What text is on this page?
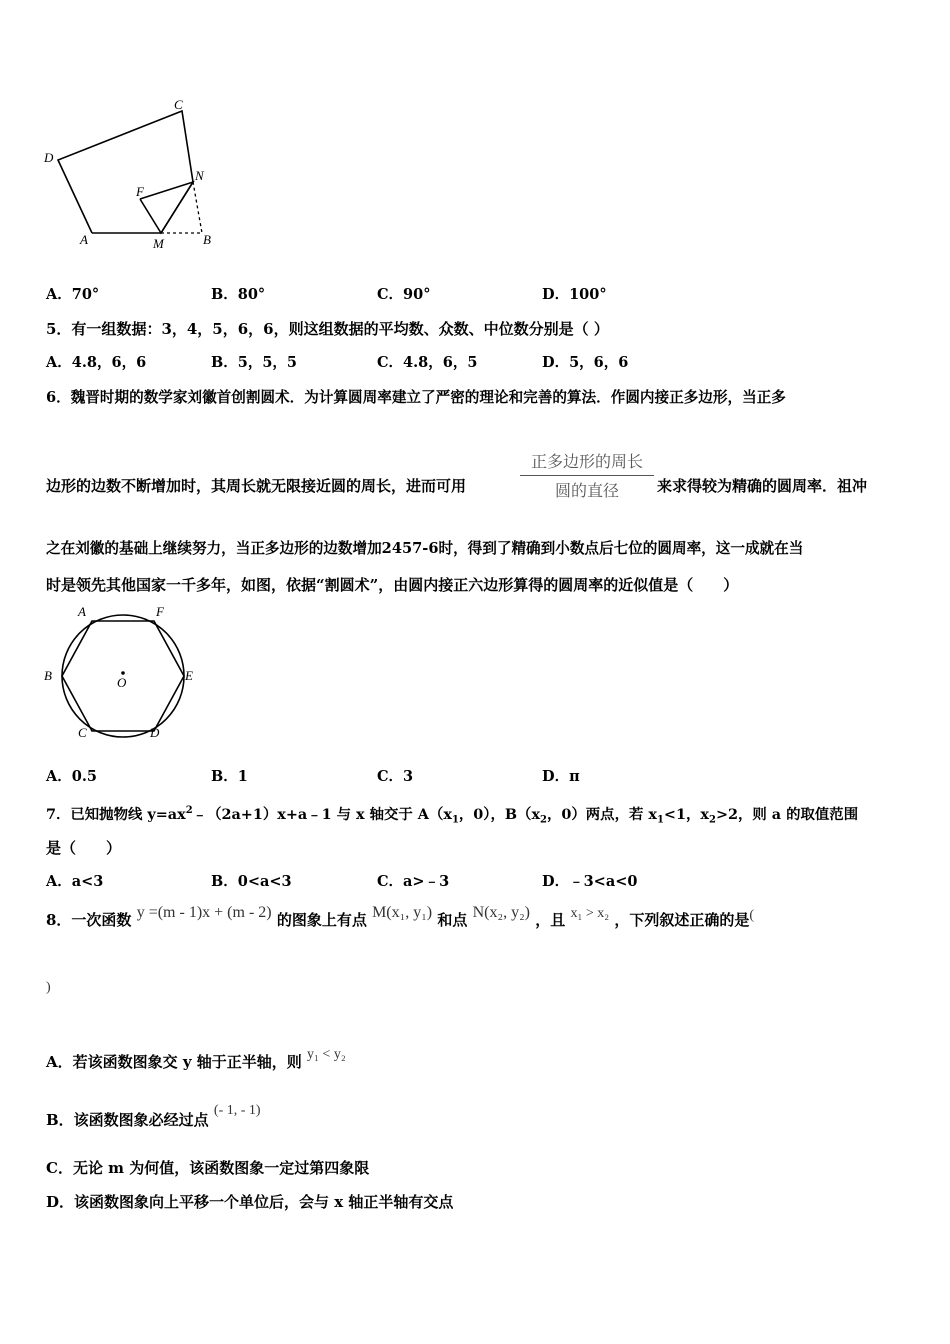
C
D
F
N
A	M	B
A．70°	B．80°	C．90°	D．100°
5．有一组数据：3，4，5，6，6，则这组数据的平均数、众数、中位数分别是（ ）
A．4.8，6，6	B．5，5，5	C．4.8，6，5	D．5，6，6
6．魏晋时期的数学家刘徽首创割圆术．为计算圆周率建立了严密的理论和完善的算法．作圆内接正多边形，当正多
边形的边数不断增加时，其周长就无限接近圆的周长，进而可用
正多边形的周长
圆的直径	来求得较为精确的圆周率．祖冲
之在刘徽的基础上继续努力，当正多边形的边数增加2457-6时，得到了精确到小数点后七位的圆周率，这一成就在当
时是领先其他国家一千多年，如图，依据“割圆术”，由圆内接正六边形算得的圆周率的近似值是（　　）
A	F
B	O	E
C	D
A．0.5	B．1	C．3	D．π
7．已知抛物线 $y=ax^2﹣(2a+1)x+a﹣1$ 与 x 轴交于 $A(x_1$，0），$B(x_2$，0）两点，若 $x_1<1$，$x_2>2$，则 a 的取值范围
是（　　）
A．a<3	B．0<a<3	C．a>﹣3	D．﹣3<a<0
8．一次函数 y =(m - 1)x + (m - 2) 的图象上有点 M(x₁, y₁) 和点 N(x₂, y₂) ，且 x₁ > x₂ ，下列叙述正确的是(
)
A．若该函数图象交 y 轴于正半轴，则 y₁ < y₂
B．该函数图象必经过点 (- 1, - 1)
C．无论 m 为何值，该函数图象一定过第四象限
D．该函数图象向上平移一个单位后，会与 x 轴正半轴有交点
